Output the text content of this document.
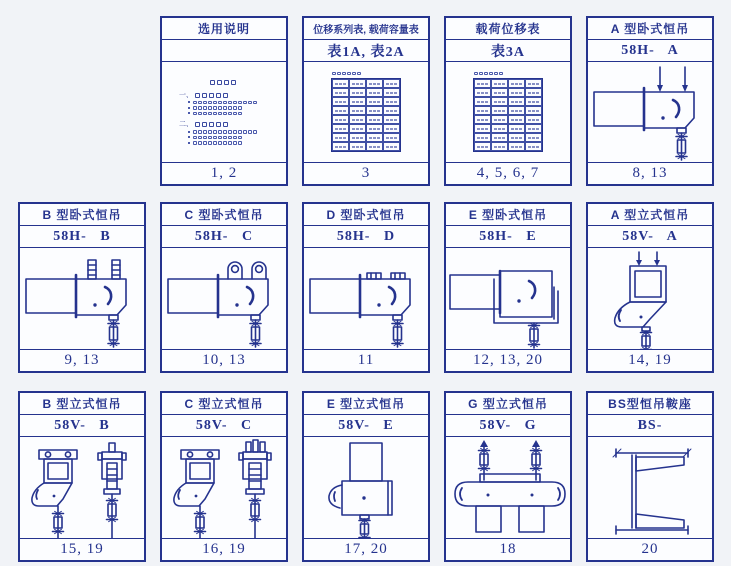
选用说明
一、
二、
1, 2
位移系列表, 载荷容量表
表1A, 表2A
3
载荷位移表
表3A
4, 5, 6, 7
A 型卧式恒吊
58H-   A
8, 13
B 型卧式恒吊
58H-   B
9, 13
C 型卧式恒吊
58H-   C
10, 13
D 型卧式恒吊
58H-   D
11
E 型卧式恒吊
58H-   E
12, 13, 20
A 型立式恒吊
58V-   A
14, 19
B 型立式恒吊
58V-   B
15, 19
C 型立式恒吊
58V-   C
16, 19
E 型立式恒吊
58V-   E
17, 20
G 型立式恒吊
58V-   G
18
BS型恒吊鞍座
BS-
20
